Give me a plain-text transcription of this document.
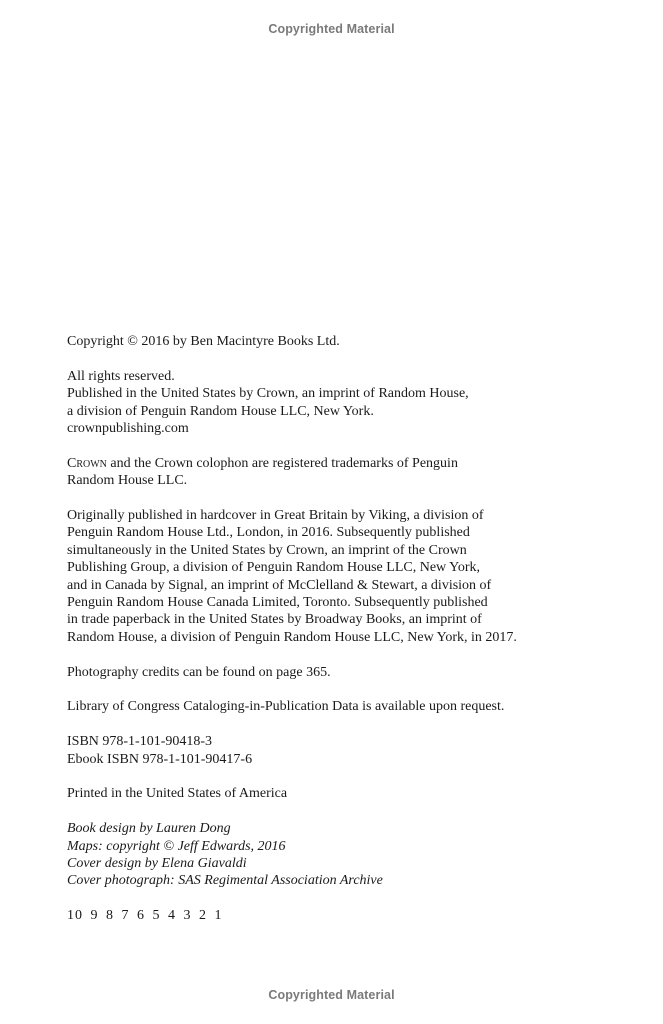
Copyrighted Material
Copyright © 2016 by Ben Macintyre Books Ltd.
All rights reserved.
Published in the United States by Crown, an imprint of Random House,
a division of Penguin Random House LLC, New York.
crownpublishing.com
Crown and the Crown colophon are registered trademarks of Penguin
Random House LLC.
Originally published in hardcover in Great Britain by Viking, a division of
Penguin Random House Ltd., London, in 2016. Subsequently published
simultaneously in the United States by Crown, an imprint of the Crown
Publishing Group, a division of Penguin Random House LLC, New York,
and in Canada by Signal, an imprint of McClelland & Stewart, a division of
Penguin Random House Canada Limited, Toronto. Subsequently published
in trade paperback in the United States by Broadway Books, an imprint of
Random House, a division of Penguin Random House LLC, New York, in 2017.
Photography credits can be found on page 365.
Library of Congress Cataloging-in-Publication Data is available upon request.
ISBN 978-1-101-90418-3
Ebook ISBN 978-1-101-90417-6
Printed in the United States of America
Book design by Lauren Dong
Maps: copyright © Jeff Edwards, 2016
Cover design by Elena Giavaldi
Cover photograph: SAS Regimental Association Archive
10 9 8 7 6 5 4 3 2 1
Copyrighted Material
